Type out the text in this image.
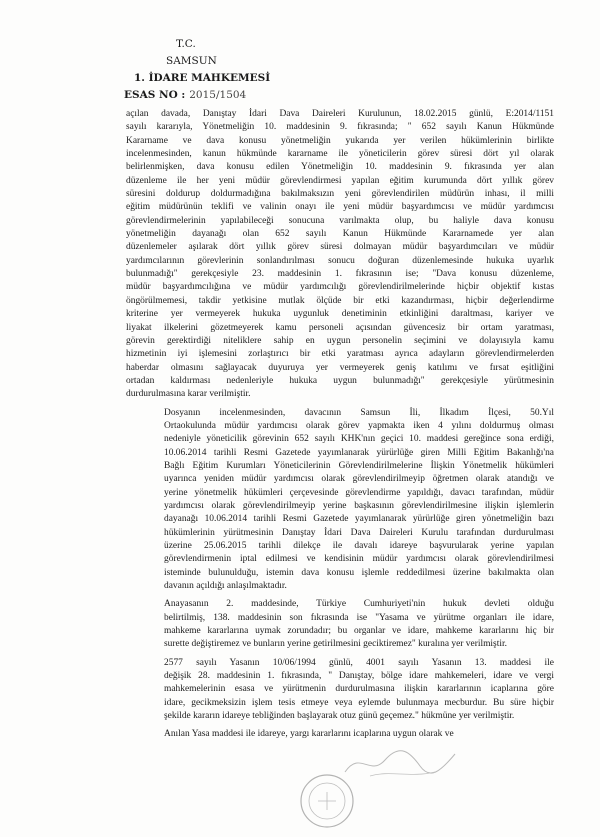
T.C.
SAMSUN
1. İDARE MAHKEMESİ
ESAS NO : 2015/1504

açılan davada, Danıştay İdari Dava Daireleri Kurulunun, 18.02.2015 günlü, E:2014/1151
sayılı kararıyla, Yönetmeliğin 10. maddesinin 9. fıkrasında; " 652 sayılı Kanun Hükmünde
Kararname ve dava konusu yönetmeliğin yukarıda yer verilen hükümlerinin birlikte
incelenmesinden, kanun hükmünde kararname ile yöneticilerin görev süresi dört yıl olarak
belirlenmişken, dava konusu edilen Yönetmeliğin 10. maddesinin 9. fıkrasında yer alan
düzenleme ile her yeni müdür görevlendirmesi yapılan eğitim kurumunda dört yıllık görev
süresini doldurup doldurmadığına bakılmaksızın yeni görevlendirilen müdürün inhası, il milli
eğitim müdürünün teklifi ve valinin onayı ile yeni müdür başyardımcısı ve müdür yardımcısı
görevlendirmelerinin yapılabileceği sonucuna varılmakta olup, bu haliyle dava konusu
yönetmeliğin dayanağı olan 652 sayılı Kanun Hükmünde Kararnamede yer alan
düzenlemeler aşılarak dört yıllık görev süresi dolmayan müdür başyardımcıları ve müdür
yardımcılarının görevlerinin sonlandırılması sonucu doğuran düzenlemesinde hukuka uyarlık
bulunmadığı" gerekçesiyle 23. maddesinin 1. fıkrasının ise; "Dava konusu düzenleme,
müdür başyardımcılığına ve müdür yardımcılığı görevlendirilmelerinde hiçbir objektif kıstas
öngörülmemesi, takdir yetkisine mutlak ölçüde bir etki kazandırması, hiçbir değerlendirme
kriterine yer vermeyerek hukuka uygunluk denetiminin etkinliğini daraltması, kariyer ve
liyakat ilkelerini gözetmeyerek kamu personeli açısından güvencesiz bir ortam yaratması,
görevin gerektirdiği niteliklere sahip en uygun personelin seçimini ve dolayısıyla kamu
hizmetinin iyi işlemesini zorlaştırıcı bir etki yaratması ayrıca adayların görevlendirmelerden
haberdar olmasını sağlayacak duyuruya yer vermeyerek geniş katılımı ve fırsat eşitliğini
ortadan kaldırması nedenleriyle hukuka uygun bulunmadığı" gerekçesiyle yürütmesinin
durdurulmasına karar verilmiştir.

Dosyanın incelenmesinden, davacının Samsun İli, İlkadım İlçesi, 50.Yıl
Ortaokulunda müdür yardımcısı olarak görev yapmakta iken 4 yılını doldurmuş olması
nedeniyle yöneticilik görevinin 652 sayılı KHK'nın geçici 10. maddesi gereğince sona erdiği,
10.06.2014 tarihli Resmi Gazetede yayımlanarak yürürlüğe giren Milli Eğitim Bakanlığı'na
Bağlı Eğitim Kurumları Yöneticilerinin Görevlendirilmelerine İlişkin Yönetmelik hükümleri
uyarınca yeniden müdür yardımcısı olarak görevlendirilmeyip öğretmen olarak atandığı ve
yerine yönetmelik hükümleri çerçevesinde görevlendirme yapıldığı, davacı tarafından, müdür
yardımcısı olarak görevlendirilmeyip yerine başkasının görevlendirilmesine ilişkin işlemlerin
dayanağı 10.06.2014 tarihli Resmi Gazetede yayımlanarak yürürlüğe giren yönetmeliğin bazı
hükümlerinin yürütmesinin Danıştay İdari Dava Daireleri Kurulu tarafından durdurulması
üzerine 25.06.2015 tarihli dilekçe ile davalı idareye başvurularak yerine yapılan
görevlendirmenin iptal edilmesi ve kendisinin müdür yardımcısı olarak görevlendirilmesi
isteminde bulunulduğu, istemin dava konusu işlemle reddedilmesi üzerine bakılmakta olan
davanın açıldığı anlaşılmaktadır.

Anayasanın 2. maddesinde, Türkiye Cumhuriyeti'nin hukuk devleti olduğu
belirtilmiş, 138. maddesinin son fıkrasında ise "Yasama ve yürütme organları ile idare,
mahkeme kararlarına uymak zorundadır; bu organlar ve idare, mahkeme kararlarını hiç bir
surette değiştiremez ve bunların yerine getirilmesini geciktiremez" kuralına yer verilmiştir.

2577 sayılı Yasanın 10/06/1994 günlü, 4001 sayılı Yasanın 13. maddesi ile
değişik 28. maddesinin 1. fıkrasında, " Danıştay, bölge idare mahkemeleri, idare ve vergi
mahkemelerinin esasa ve yürütmenin durdurulmasına ilişkin kararlarının icaplarına göre
idare, gecikmeksizin işlem tesis etmeye veya eylemde bulunmaya mecburdur. Bu süre hiçbir
şekilde kararın idareye tebliğinden başlayarak otuz günü geçemez." hükmüne yer verilmiştir.

Anılan Yasa maddesi ile idareye, yargı kararlarını icaplarına uygun olarak ve
